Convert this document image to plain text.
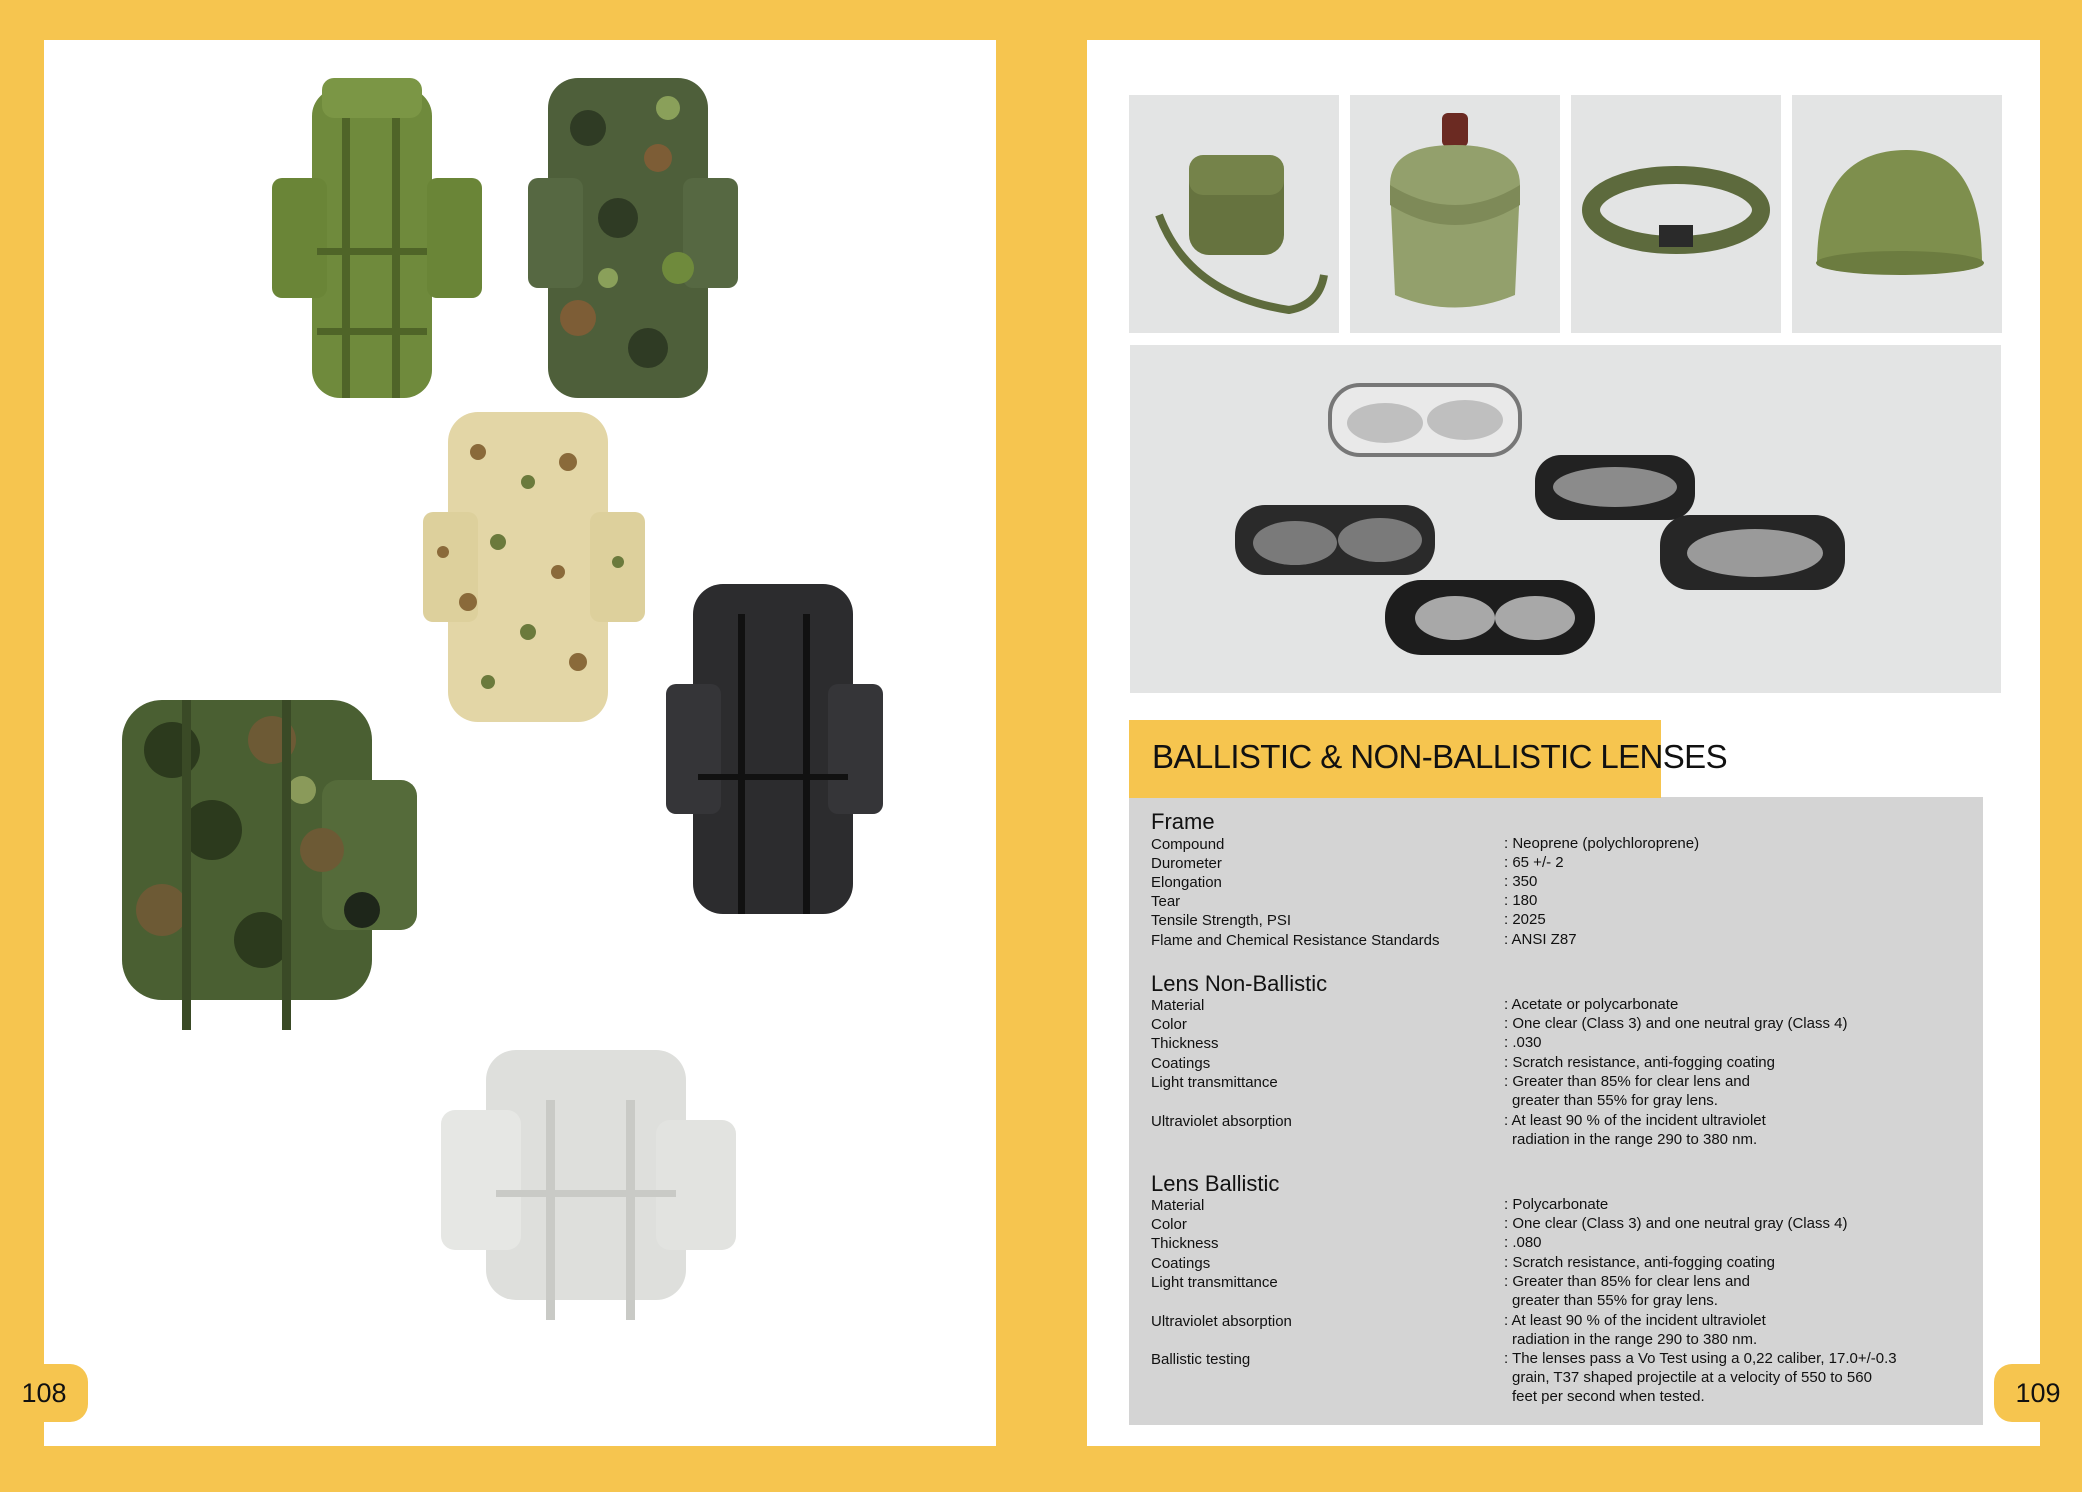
108	109
BALLISTIC & NON-BALLISTIC LENSES
Frame
Compound	: Neoprene (polychloroprene)
Durometer	: 65 +/- 2
Elongation	: 350
Tear	: 180
Tensile Strength, PSI	: 2025
Flame and Chemical Resistance Standards	: ANSI Z87
Lens Non-Ballistic
Material	: Acetate or polycarbonate
Color	: One clear (Class 3) and one neutral gray (Class 4)
Thickness	: .030
Coatings	: Scratch resistance, anti-fogging coating
Light transmittance	: Greater than 85% for clear lens and
greater than 55% for gray lens.
Ultraviolet absorption	: At least 90 % of the incident ultraviolet
radiation in the range 290 to 380 nm.
Lens Ballistic
Material	: Polycarbonate
Color	: One clear (Class 3) and one neutral gray (Class 4)
Thickness	: .080
Coatings	: Scratch resistance, anti-fogging coating
Light transmittance	: Greater than 85% for clear lens and
greater than 55% for gray lens.
Ultraviolet absorption	: At least 90 % of the incident ultraviolet
radiation in the range 290 to 380 nm.
Ballistic testing	: The lenses pass a Vo Test using a 0,22 caliber, 17.0+/-0.3
grain, T37 shaped projectile at a velocity of 550 to 560
feet per second when tested.
